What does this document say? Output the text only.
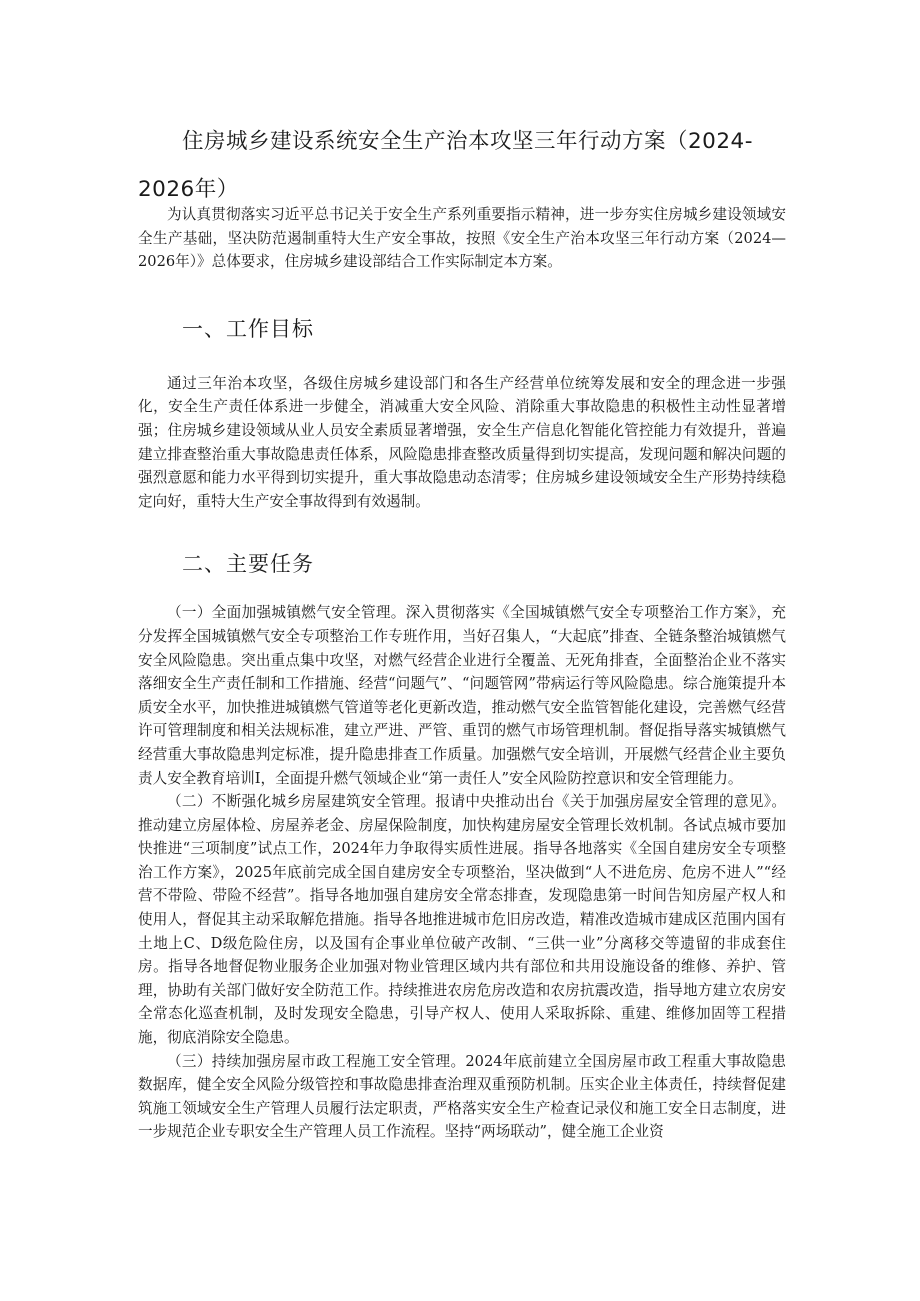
住房城乡建设系统安全生产治本攻坚三年行动方案（2024-2026年）

为认真贯彻落实习近平总书记关于安全生产系列重要指示精神，进一步夯实住房城乡建设领域安全生产基础，坚决防范遏制重特大生产安全事故，按照《安全生产治本攻坚三年行动方案（2024—2026年）》总体要求，住房城乡建设部结合工作实际制定本方案。

一、工作目标

通过三年治本攻坚，各级住房城乡建设部门和各生产经营单位统筹发展和安全的理念进一步强化，安全生产责任体系进一步健全，消减重大安全风险、消除重大事故隐患的积极性主动性显著增强；住房城乡建设领域从业人员安全素质显著增强，安全生产信息化智能化管控能力有效提升，普遍建立排查整治重大事故隐患责任体系，风险隐患排查整改质量得到切实提高，发现问题和解决问题的强烈意愿和能力水平得到切实提升，重大事故隐患动态清零；住房城乡建设领域安全生产形势持续稳定向好，重特大生产安全事故得到有效遏制。

二、主要任务

（一）全面加强城镇燃气安全管理。深入贯彻落实《全国城镇燃气安全专项整治工作方案》，充分发挥全国城镇燃气安全专项整治工作专班作用，当好召集人，“大起底”排查、全链条整治城镇燃气安全风险隐患。突出重点集中攻坚，对燃气经营企业进行全覆盖、无死角排查，全面整治企业不落实落细安全生产责任制和工作措施、经营“问题气”、“问题管网”带病运行等风险隐患。综合施策提升本质安全水平，加快推进城镇燃气管道等老化更新改造，推动燃气安全监管智能化建设，完善燃气经营许可管理制度和相关法规标准，建立严进、严管、重罚的燃气市场管理机制。督促指导落实城镇燃气经营重大事故隐患判定标准，提升隐患排查工作质量。加强燃气安全培训，开展燃气经营企业主要负责人安全教育培训Ⅰ，全面提升燃气领域企业“第一责任人”安全风险防控意识和安全管理能力。

（二）不断强化城乡房屋建筑安全管理。报请中央推动出台《关于加强房屋安全管理的意见》。推动建立房屋体检、房屋养老金、房屋保险制度，加快构建房屋安全管理长效机制。各试点城市要加快推进“三项制度”试点工作，2024年力争取得实质性进展。指导各地落实《全国自建房安全专项整治工作方案》，2025年底前完成全国自建房安全专项整治，坚决做到“人不进危房、危房不进人”“经营不带险、带险不经营”。指导各地加强自建房安全常态排查，发现隐患第一时间告知房屋产权人和使用人，督促其主动采取解危措施。指导各地推进城市危旧房改造，精准改造城市建成区范围内国有土地上C、D级危险住房，以及国有企事业单位破产改制、“三供一业”分离移交等遗留的非成套住房。指导各地督促物业服务企业加强对物业管理区域内共有部位和共用设施设备的维修、养护、管理，协助有关部门做好安全防范工作。持续推进农房危房改造和农房抗震改造，指导地方建立农房安全常态化巡查机制，及时发现安全隐患，引导产权人、使用人采取拆除、重建、维修加固等工程措施，彻底消除安全隐患。

（三）持续加强房屋市政工程施工安全管理。2024年底前建立全国房屋市政工程重大事故隐患数据库，健全安全风险分级管控和事故隐患排查治理双重预防机制。压实企业主体责任，持续督促建筑施工领域安全生产管理人员履行法定职责，严格落实安全生产检查记录仪和施工安全日志制度，进一步规范企业专职安全生产管理人员工作流程。坚持“两场联动”，健全施工企业资
